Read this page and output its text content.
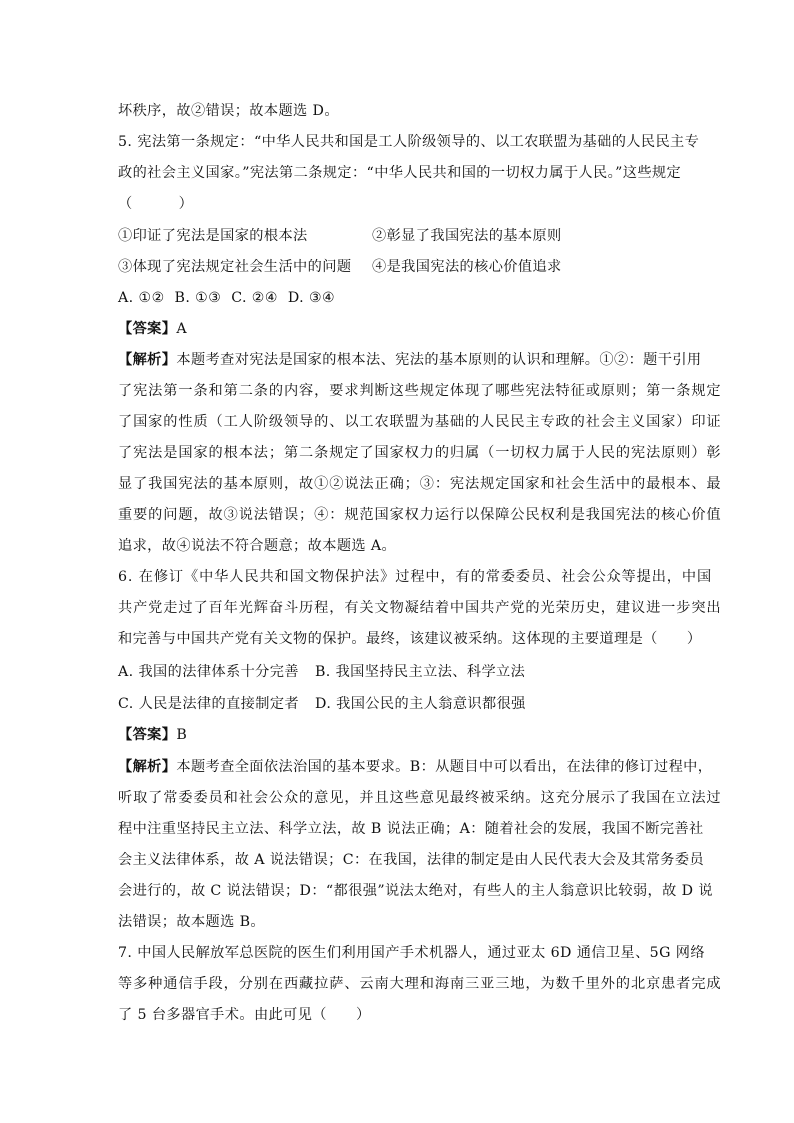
坏秩序，故②错误；故本题选 D。
5. 宪法第一条规定：“中华人民共和国是工人阶级领导的、以工农联盟为基础的人民民主专
政的社会主义国家。”宪法第二条规定：“中华人民共和国的一切权力属于人民。”这些规定
（　　）
①印证了宪法是国家的根本法	②彰显了我国宪法的基本原则
③体现了宪法规定社会生活中的问题 ④是我国宪法的核心价值追求
A. ①②  B. ①③  C. ②④  D. ③④
【答案】A
【解析】本题考查对宪法是国家的根本法、宪法的基本原则的认识和理解。①②：题干引用
了宪法第一条和第二条的内容，要求判断这些规定体现了哪些宪法特征或原则；第一条规定
了国家的性质（工人阶级领导的、以工农联盟为基础的人民民主专政的社会主义国家）印证
了宪法是国家的根本法；第二条规定了国家权力的归属（一切权力属于人民的宪法原则）彰
显了我国宪法的基本原则，故①②说法正确；③：宪法规定国家和社会生活中的最根本、最
重要的问题，故③说法错误；④：规范国家权力运行以保障公民权利是我国宪法的核心价值
追求，故④说法不符合题意；故本题选 A。
6. 在修订《中华人民共和国文物保护法》过程中，有的常委委员、社会公众等提出，中国
共产党走过了百年光辉奋斗历程，有关文物凝结着中国共产党的光荣历史，建议进一步突出
和完善与中国共产党有关文物的保护。最终，该建议被采纳。这体现的主要道理是（　　）
A. 我国的法律体系十分完善 B. 我国坚持民主立法、科学立法
C. 人民是法律的直接制定者 D. 我国公民的主人翁意识都很强
【答案】B
【解析】本题考查全面依法治国的基本要求。B：从题目中可以看出，在法律的修订过程中，
听取了常委委员和社会公众的意见，并且这些意见最终被采纳。这充分展示了我国在立法过
程中注重坚持民主立法、科学立法，故 B 说法正确；A：随着社会的发展，我国不断完善社
会主义法律体系，故 A 说法错误；C：在我国，法律的制定是由人民代表大会及其常务委员
会进行的，故 C 说法错误；D：“都很强”说法太绝对，有些人的主人翁意识比较弱，故 D 说
法错误；故本题选 B。
7. 中国人民解放军总医院的医生们利用国产手术机器人，通过亚太 6D 通信卫星、5G 网络
等多种通信手段，分别在西藏拉萨、云南大理和海南三亚三地，为数千里外的北京患者完成
了 5 台多器官手术。由此可见（　　）
